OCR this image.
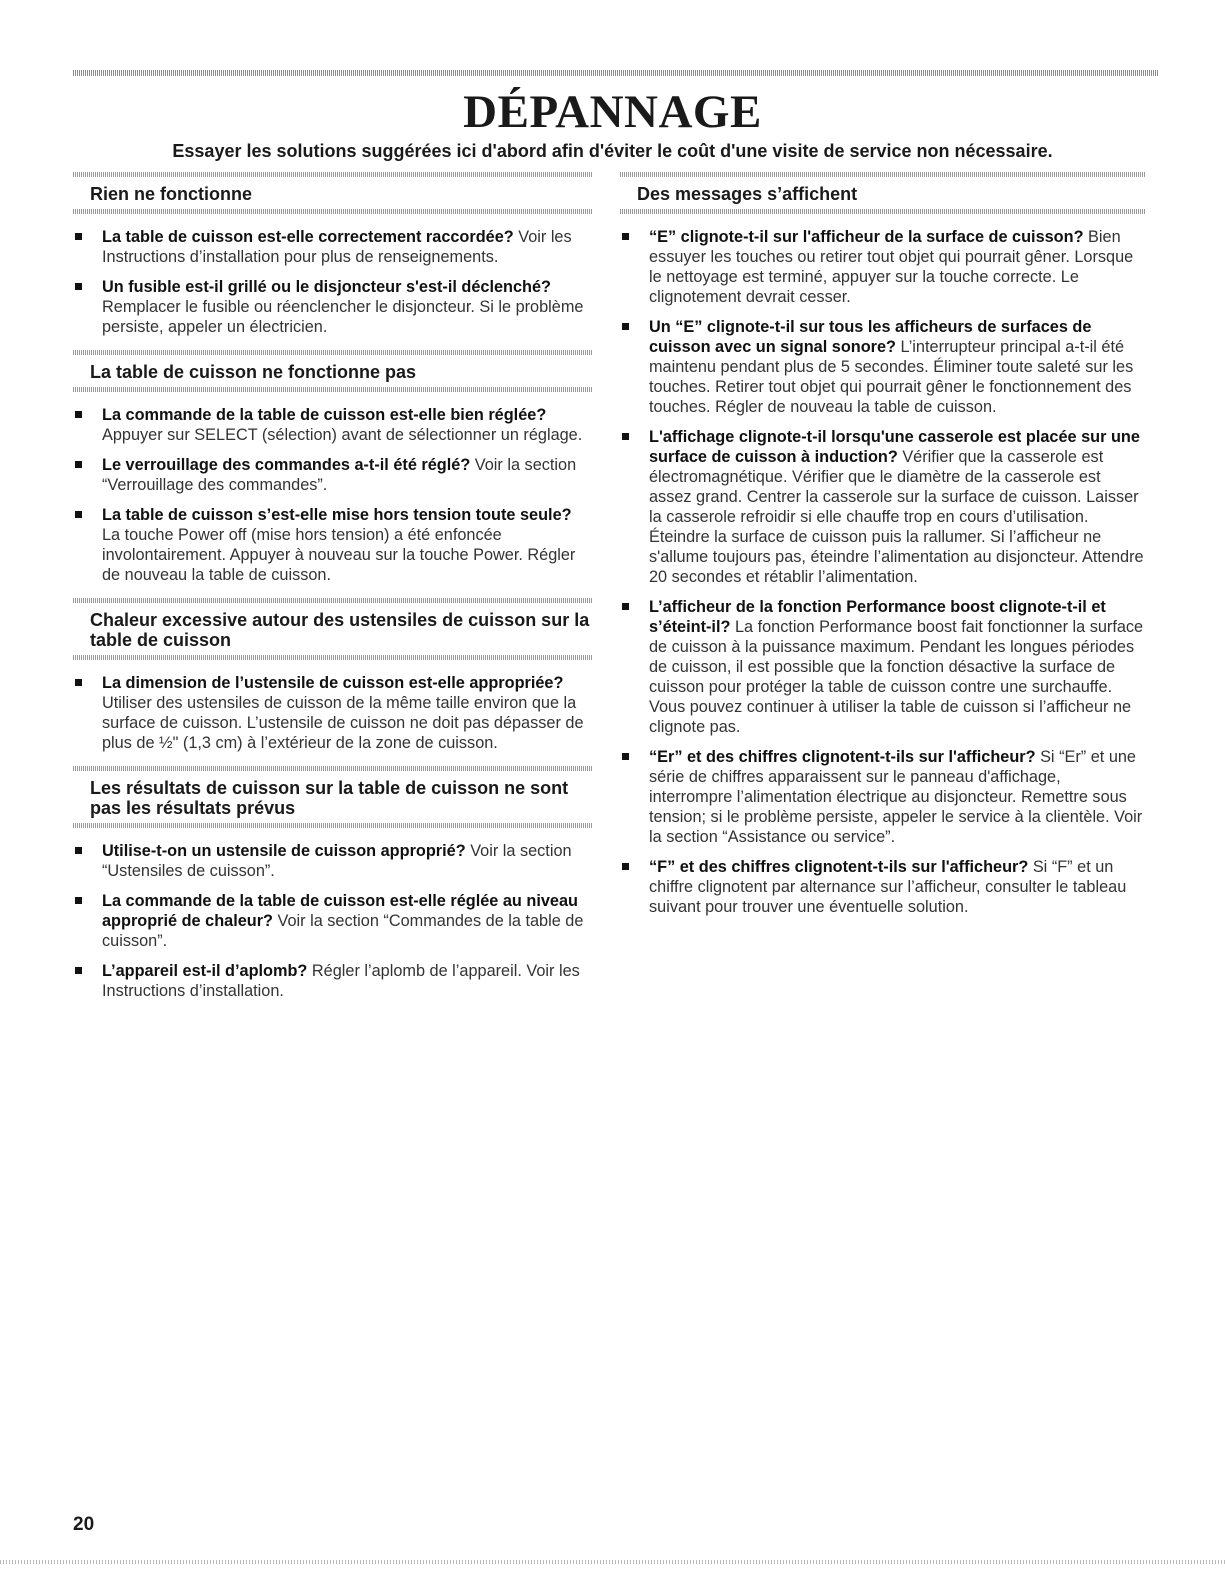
DÉPANNAGE

Essayer les solutions suggérées ici d'abord afin d'éviter le coût d'une visite de service non nécessaire.

Rien ne fonctionne
La table de cuisson est-elle correctement raccordée? Voir les Instructions d’installation pour plus de renseignements.
Un fusible est-il grillé ou le disjoncteur s'est-il déclenché? Remplacer le fusible ou réenclencher le disjoncteur. Si le problème persiste, appeler un électricien.
La table de cuisson ne fonctionne pas
La commande de la table de cuisson est-elle bien réglée? Appuyer sur SELECT (sélection) avant de sélectionner un réglage.
Le verrouillage des commandes a-t-il été réglé? Voir la section “Verrouillage des commandes”.
La table de cuisson s’est-elle mise hors tension toute seule? La touche Power off (mise hors tension) a été enfoncée involontairement. Appuyer à nouveau sur la touche Power. Régler de nouveau la table de cuisson.
Chaleur excessive autour des ustensiles de cuisson sur la table de cuisson
La dimension de l’ustensile de cuisson est-elle appropriée? Utiliser des ustensiles de cuisson de la même taille environ que la surface de cuisson. L’ustensile de cuisson ne doit pas dépasser de plus de ½" (1,3 cm) à l’extérieur de la zone de cuisson.
Les résultats de cuisson sur la table de cuisson ne sont pas les résultats prévus
Utilise-t-on un ustensile de cuisson approprié? Voir la section “Ustensiles de cuisson”.
La commande de la table de cuisson est-elle réglée au niveau approprié de chaleur? Voir la section “Commandes de la table de cuisson”.
L’appareil est-il d’aplomb? Régler l’aplomb de l’appareil. Voir les Instructions d’installation.
Des messages s’affichent
“E” clignote-t-il sur l'afficheur de la surface de cuisson? Bien essuyer les touches ou retirer tout objet qui pourrait gêner. Lorsque le nettoyage est terminé, appuyer sur la touche correcte. Le clignotement devrait cesser.
Un “E” clignote-t-il sur tous les afficheurs de surfaces de cuisson avec un signal sonore? L’interrupteur principal a-t-il été maintenu pendant plus de 5 secondes. Éliminer toute saleté sur les touches. Retirer tout objet qui pourrait gêner le fonctionnement des touches. Régler de nouveau la table de cuisson.
L'affichage clignote-t-il lorsqu'une casserole est placée sur une surface de cuisson à induction? Vérifier que la casserole est électromagnétique. Vérifier que le diamètre de la casserole est assez grand. Centrer la casserole sur la surface de cuisson. Laisser la casserole refroidir si elle chauffe trop en cours d’utilisation. Éteindre la surface de cuisson puis la rallumer. Si l’afficheur ne s'allume toujours pas, éteindre l’alimentation au disjoncteur. Attendre 20 secondes et rétablir l’alimentation.
L’afficheur de la fonction Performance boost clignote-t-il et s’éteint-il? La fonction Performance boost fait fonctionner la surface de cuisson à la puissance maximum. Pendant les longues périodes de cuisson, il est possible que la fonction désactive la surface de cuisson pour protéger la table de cuisson contre une surchauffe. Vous pouvez continuer à utiliser la table de cuisson si l’afficheur ne clignote pas.
“Er” et des chiffres clignotent-t-ils sur l'afficheur? Si “Er” et une série de chiffres apparaissent sur le panneau d'affichage, interrompre l’alimentation électrique au disjoncteur. Remettre sous tension; si le problème persiste, appeler le service à la clientèle. Voir la section “Assistance ou service”.
“F” et des chiffres clignotent-t-ils sur l'afficheur? Si “F” et un chiffre clignotent par alternance sur l’afficheur, consulter le tableau suivant pour trouver une éventuelle solution.
20
